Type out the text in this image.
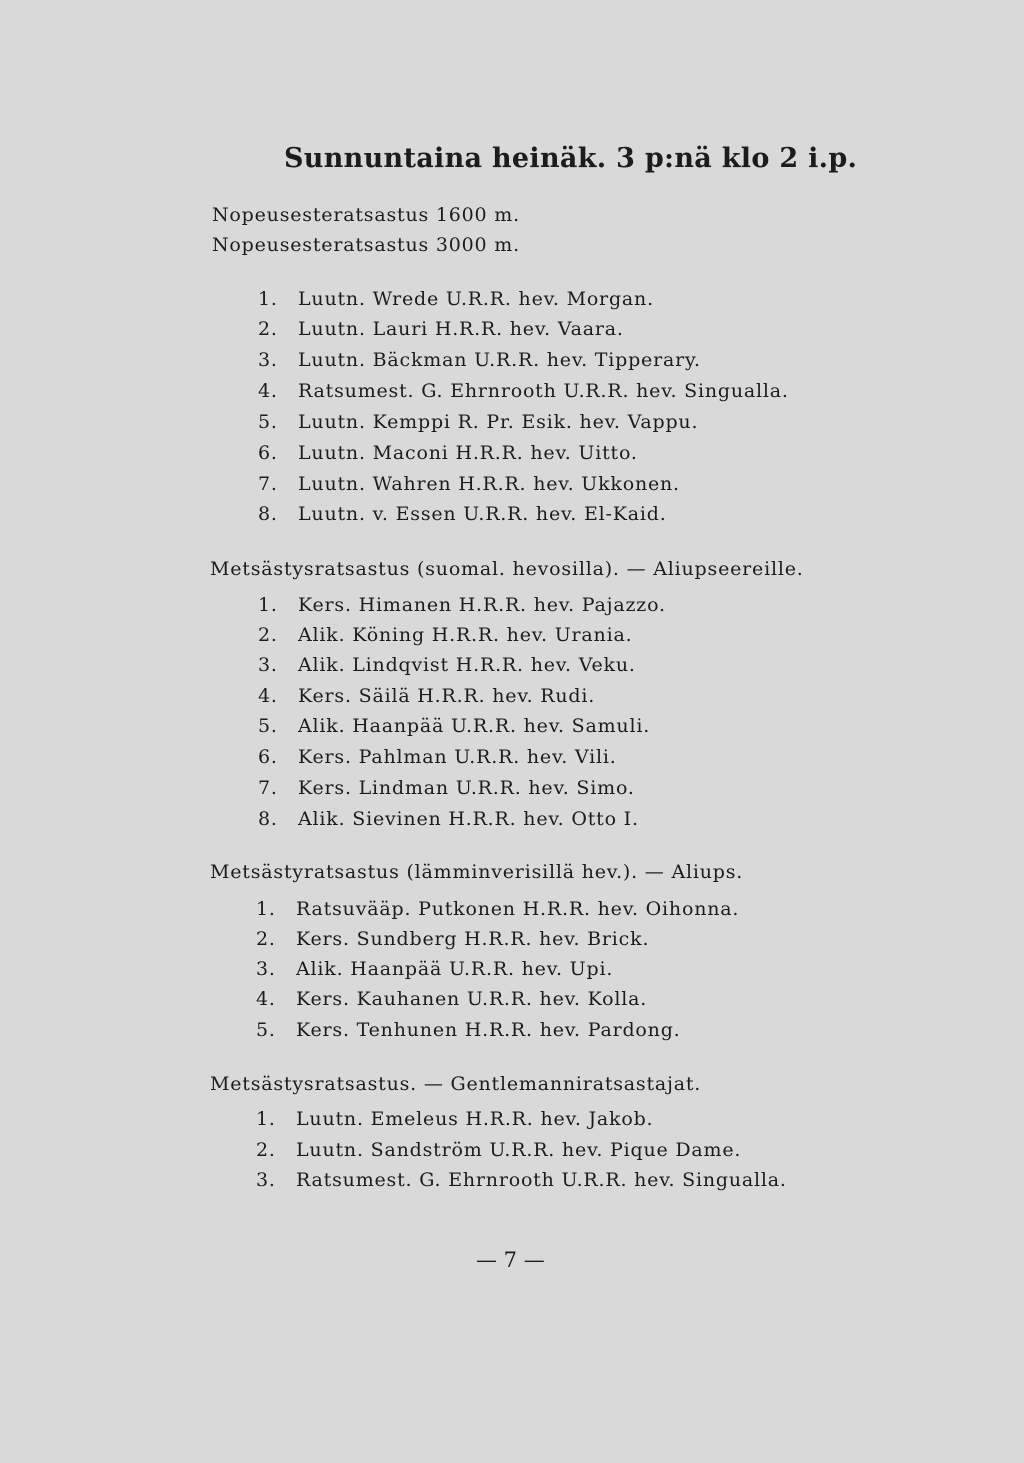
Sunnuntaina heinäk. 3 p:nä klo 2 i.p.
Nopeusesteratsastus 1600 m.
Nopeusesteratsastus 3000 m.
1. Luutn. Wrede U.R.R. hev. Morgan.
2. Luutn. Lauri H.R.R. hev. Vaara.
3. Luutn. Bäckman U.R.R. hev. Tipperary.
4. Ratsumest. G. Ehrnrooth U.R.R. hev. Singualla.
5. Luutn. Kemppi R. Pr. Esik. hev. Vappu.
6. Luutn. Maconi H.R.R. hev. Uitto.
7. Luutn. Wahren H.R.R. hev. Ukkonen.
8. Luutn. v. Essen U.R.R. hev. El-Kaid.
Metsästysratsastus (suomal. hevosilla). — Aliupseereille.
1. Kers. Himanen H.R.R. hev. Pajazzo.
2. Alik. Köning H.R.R. hev. Urania.
3. Alik. Lindqvist H.R.R. hev. Veku.
4. Kers. Säilä H.R.R. hev. Rudi.
5. Alik. Haanpää U.R.R. hev. Samuli.
6. Kers. Pahlman U.R.R. hev. Vili.
7. Kers. Lindman U.R.R. hev. Simo.
8. Alik. Sievinen H.R.R. hev. Otto I.
Metsästyratsastus (lämminverisillä hev.). — Aliups.
1. Ratsuvääp. Putkonen H.R.R. hev. Oihonna.
2. Kers. Sundberg H.R.R. hev. Brick.
3. Alik. Haanpää U.R.R. hev. Upi.
4. Kers. Kauhanen U.R.R. hev. Kolla.
5. Kers. Tenhunen H.R.R. hev. Pardong.
Metsästysratsastus. — Gentlemanniratsastajat.
1. Luutn. Emeleus H.R.R. hev. Jakob.
2. Luutn. Sandström U.R.R. hev. Pique Dame.
3. Ratsumest. G. Ehrnrooth U.R.R. hev. Singualla.
— 7 —
